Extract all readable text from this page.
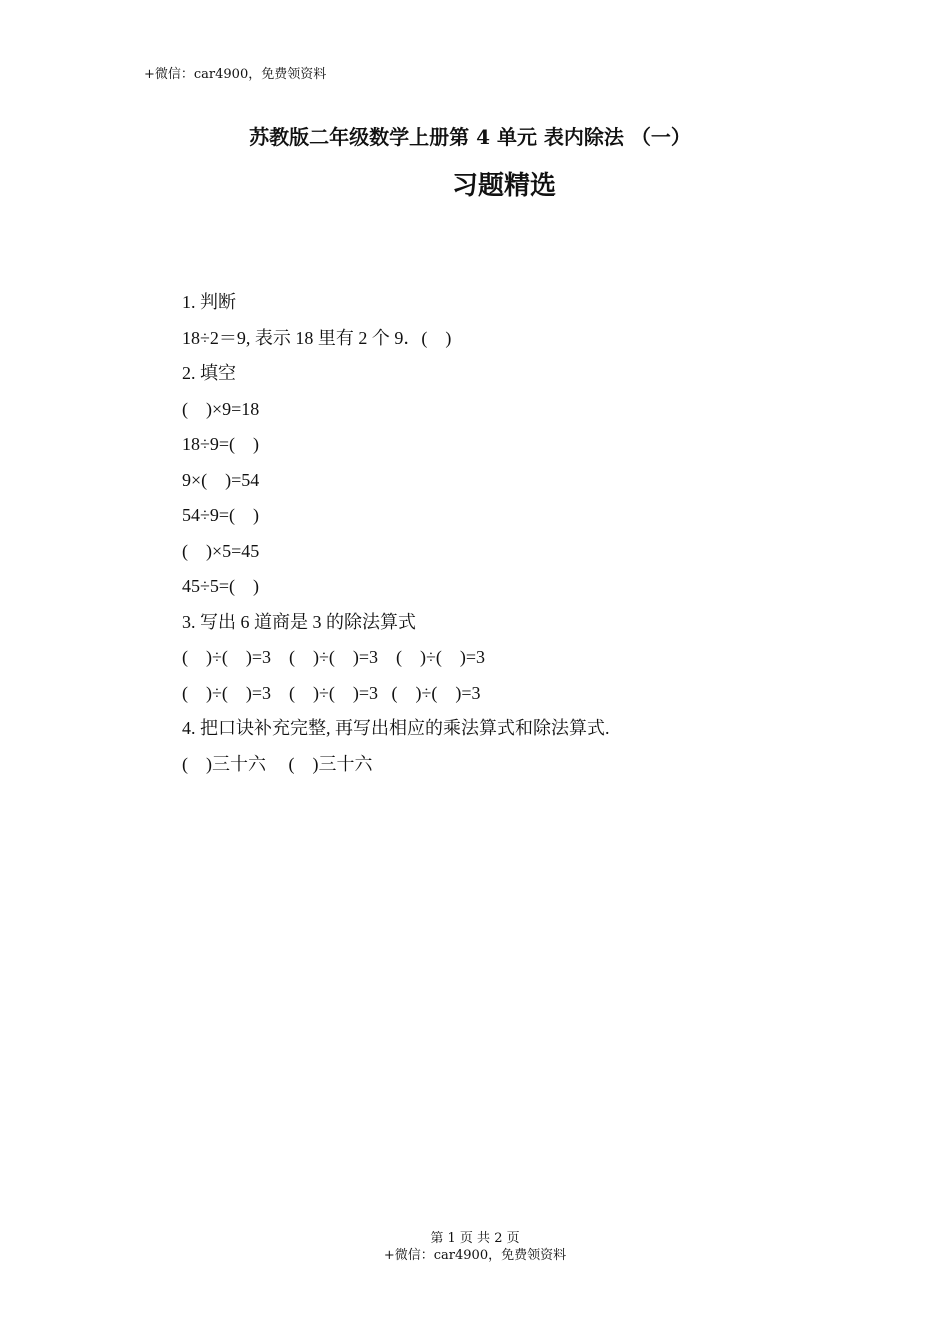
+微信：car4900，免费领资料
苏教版二年级数学上册第 4 单元 表内除法 （一）
习题精选
1. 判断
18÷2＝9, 表示 18 里有 2 个 9．(    )
2. 填空
(    )×9=18
18÷9=(    )
9×(    )=54
54÷9=(    )
(    )×5=45
45÷5=(    )
3. 写出 6 道商是 3 的除法算式
(    )÷(    )=3    (    )÷(    )=3    (    )÷(    )=3
(    )÷(    )=3    (    )÷(    )=3   (    )÷(    )=3
4. 把口诀补充完整, 再写出相应的乘法算式和除法算式.
(    )三十六     (    )三十六
第 1 页 共 2 页
+微信：car4900，免费领资料
